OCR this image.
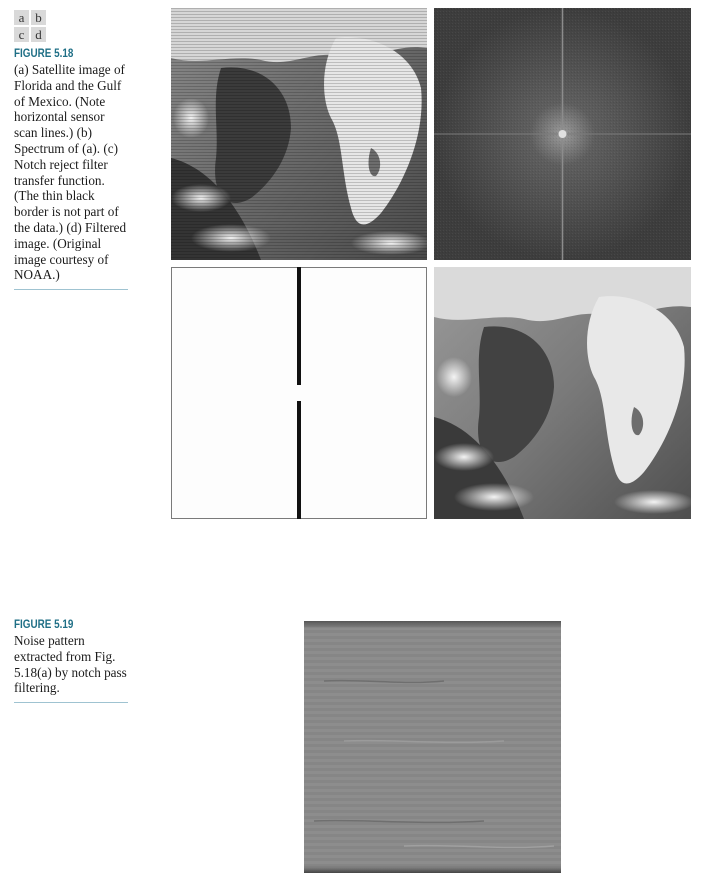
a b
c d
FIGURE 5.18

(a) Satellite image of Florida and the Gulf of Mexico. (Note horizontal sensor scan lines.) (b) Spectrum of (a). (c) Notch reject filter transfer function. (The thin black border is not part of the data.) (d) Filtered image. (Original image courtesy of NOAA.)

FIGURE 5.19

Noise pattern extracted from Fig. 5.18(a) by notch pass filtering.
